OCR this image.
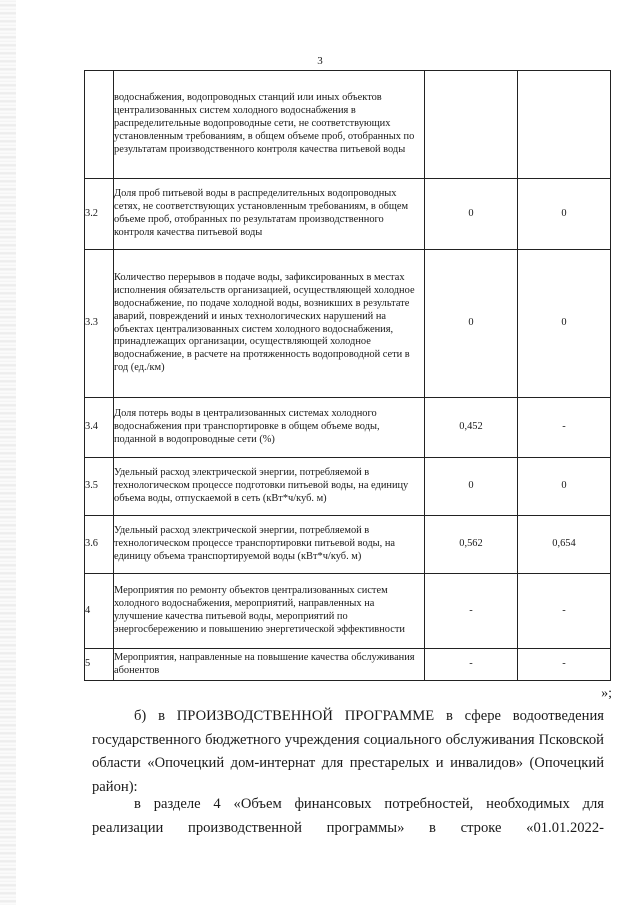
3
	водоснабжения, водопроводных станций или иных объектов централизованных систем холодного водоснабжения в распределительные водопроводные сети, не соответствующих установленным требованиям, в общем объеме проб, отобранных по результатам производственного контроля качества питьевой воды		
3.2	Доля проб питьевой воды в распределительных водопроводных сетях, не соответствующих установленным требованиям, в общем объеме проб, отобранных по результатам производственного контроля качества питьевой воды	0	0
3.3	Количество перерывов в подаче воды, зафиксированных в местах исполнения обязательств организацией, осуществляющей холодное водоснабжение, по подаче холодной воды, возникших в результате аварий, повреждений и иных технологических нарушений на объектах централизованных систем холодного водоснабжения, принадлежащих организации, осуществляющей холодное водоснабжение, в расчете на протяженность водопроводной сети в год (ед./км)	0	0
3.4	Доля потерь воды в централизованных системах холодного водоснабжения при транспортировке в общем объеме воды, поданной в водопроводные сети (%)	0,452	-
3.5	Удельный расход электрической энергии, потребляемой в технологическом процессе подготовки питьевой воды, на единицу объема воды, отпускаемой в сеть (кВт*ч/куб. м)	0	0
3.6	Удельный расход электрической энергии, потребляемой в технологическом процессе транспортировки питьевой воды, на единицу объема транспортируемой воды (кВт*ч/куб. м)	0,562	0,654
4	Мероприятия по ремонту объектов централизованных систем холодного водоснабжения, мероприятий, направленных на улучшение качества питьевой воды, мероприятий по энергосбережению и повышению энергетической эффективности	-	-
5	Мероприятия, направленные на повышение качества обслуживания абонентов	-	-
»;
б) в ПРОИЗВОДСТВЕННОЙ ПРОГРАММЕ в сфере водоотведения государственного бюджетного учреждения социального обслуживания Псковской области «Опочецкий дом-интернат для престарелых и инвалидов» (Опочецкий район):
в разделе 4 «Объем финансовых потребностей, необходимых для реализации производственной программы» в строке «01.01.2022-
